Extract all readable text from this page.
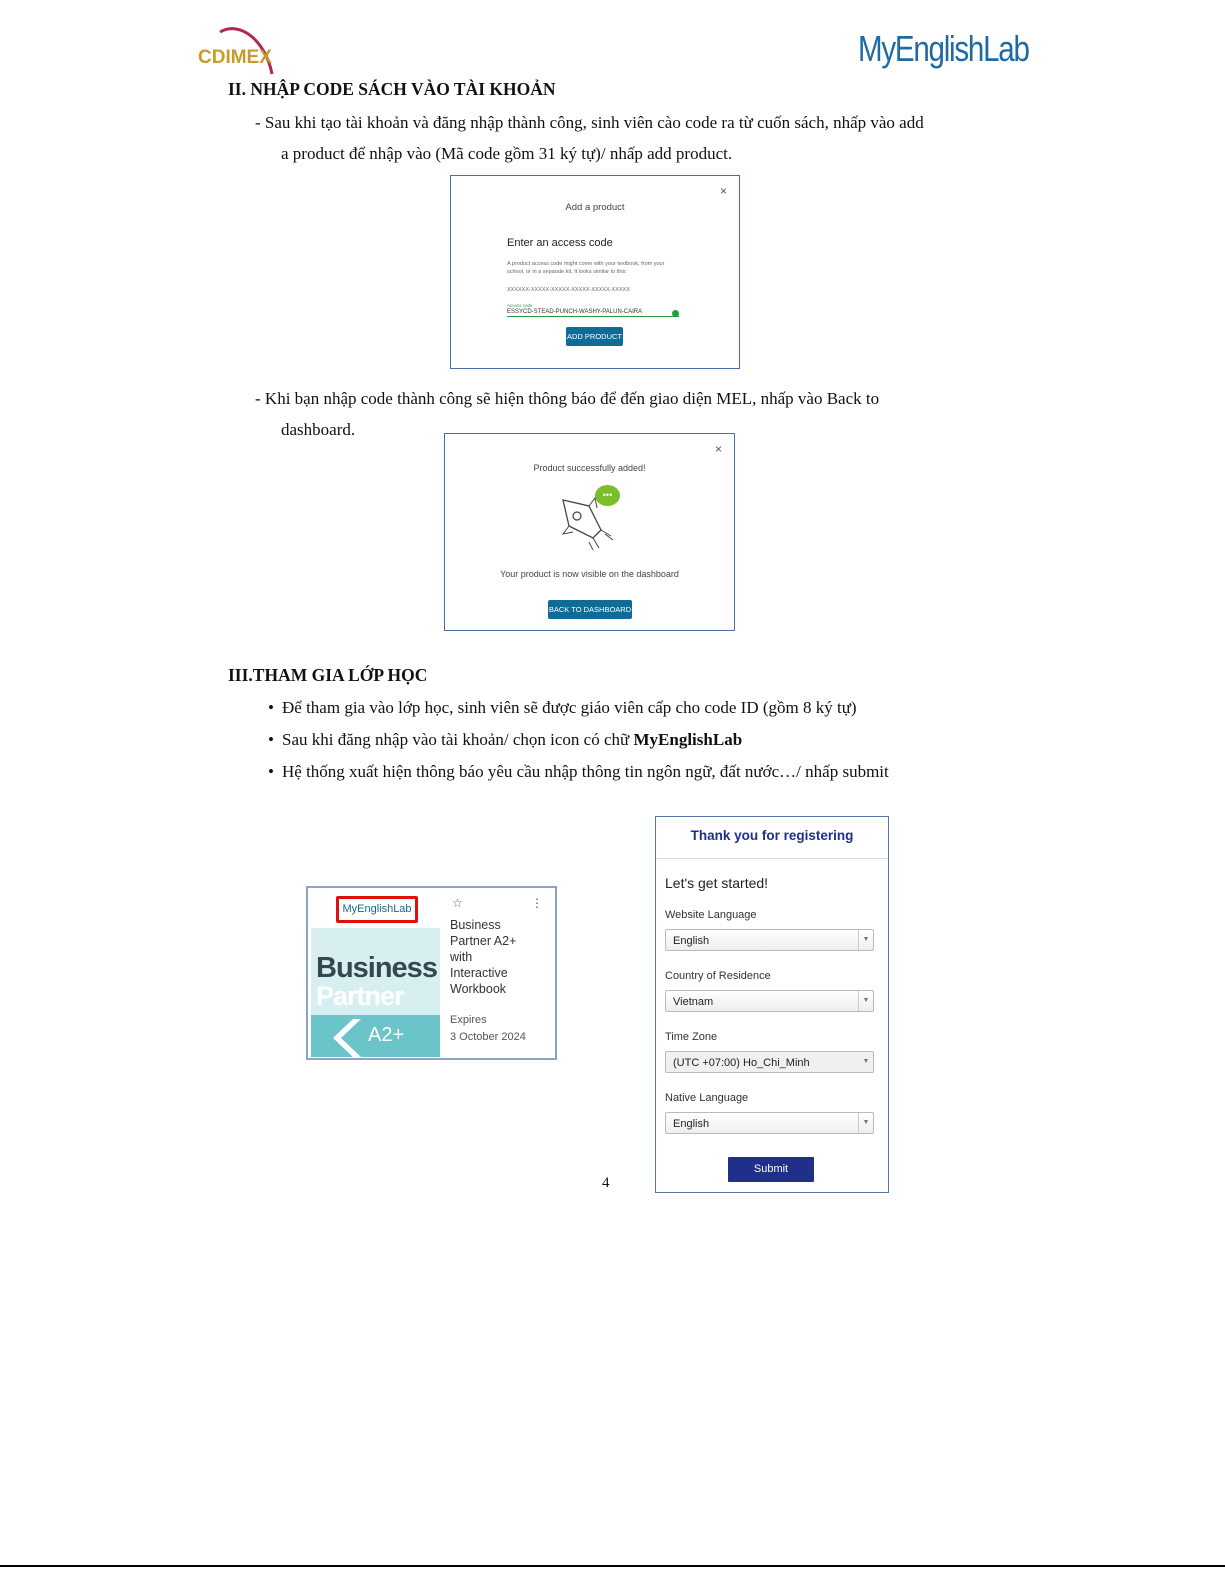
CDIMEX	MyEnglishLab
II. NHẬP CODE SÁCH VÀO TÀI KHOẢN
- Sau khi tạo tài khoản và đăng nhập thành công, sinh viên cào code ra từ cuốn sách, nhấp vào add
a product để nhập vào (Mã code gồm 31 ký tự)/ nhấp add product.
×
Add a product
Enter an access code
A product access code might come with your textbook, from your school, or in a separate kit. It looks similar to this:
XXXXXX-XXXXX-XXXXX-XXXXX-XXXXX-XXXXX
Access code
ESSYCD-STEAD-PUNCH-WASHY-PALUN-CAIRA
ADD PRODUCT
- Khi bạn nhập code thành công sẽ hiện thông báo để đến giao diện MEL, nhấp vào Back to
dashboard.
×
Product successfully added!
•••
Your product is now visible on the dashboard
BACK TO DASHBOARD
III.THAM GIA LỚP HỌC
• Để tham gia vào lớp học, sinh viên sẽ được giáo viên cấp cho code ID (gồm 8 ký tự)
• Sau khi đăng nhập vào tài khoản/ chọn icon có chữ MyEnglishLab
• Hệ thống xuất hiện thông báo yêu cầu nhập thông tin ngôn ngữ, đất nước…/ nhấp submit
MyEnglishLab	☆	⋮
Business
Partner
A2+
Business
Partner A2+
with
Interactive
Workbook
Expires
3 October 2024
Thank you for registering
Let's get started!
Website Language
English	▼
Country of Residence
Vietnam	▼
Time Zone
(UTC +07:00) Ho_Chi_Minh	▼
Native Language
English	▼
Submit
4
